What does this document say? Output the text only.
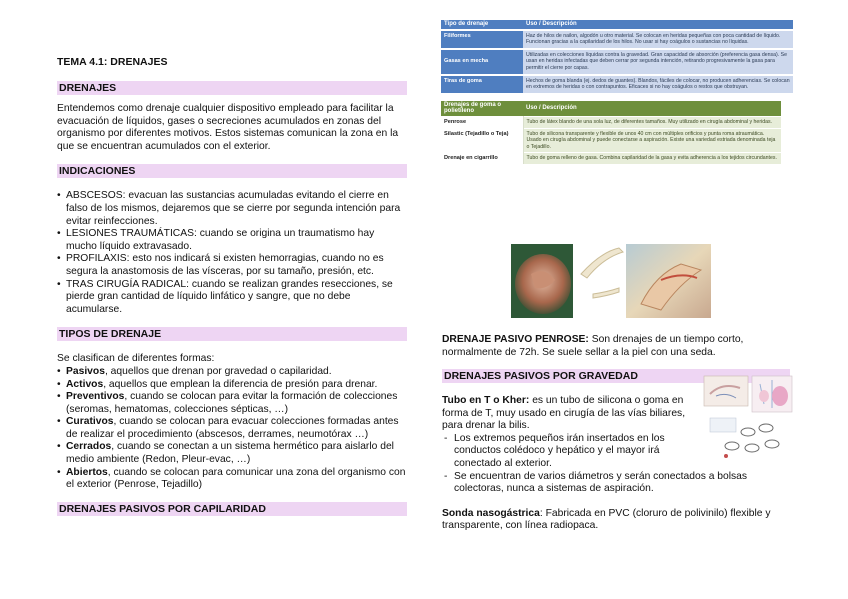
TEMA 4.1: DRENAJES
DRENAJES

Entendemos como drenaje cualquier dispositivo empleado para facilitar la evacuación de líquidos, gases o secreciones acumulados en zonas del organismo por diferentes motivos. Estos sistemas comunican la zona en la que se encuentran acumulados con el exterior.

INDICACIONES
• ABSCESOS: evacuan las sustancias acumuladas evitando el cierre en falso de los mismos, dejaremos que se cierre por segunda intención para evitar reinfecciones.
• LESIONES TRAUMÁTICAS: cuando se origina un traumatismo hay mucho líquido extravasado.
• PROFILAXIS: esto nos indicará si existen hemorragias, cuando no es segura la anastomosis de las vísceras, por su tamaño, presión, etc.
• TRAS CIRUGÍA RADICAL: cuando se realizan grandes resecciones, se pierde gran cantidad de líquido linfático y sangre, que no debe acumularse.
TIPOS DE DRENAJE

Se clasifican de diferentes formas:

• Pasivos, aquellos que drenan por gravedad o capilaridad.
• Activos, aquellos que emplean la diferencia de presión para drenar.
• Preventivos, cuando se colocan para evitar la formación de colecciones (seromas, hematomas, colecciones sépticas, …)
• Curativos, cuando se colocan para evacuar colecciones formadas antes de realizar el procedimiento (abscesos, derrames, neumotórax …)
• Cerrados, cuando se conectan a un sistema hermético para aislarlo del medio ambiente (Redon, Pleur-evac, …)
• Abiertos, cuando se colocan para comunicar una zona del organismo con el exterior (Penrose, Tejadillo)
DRENAJES PASIVOS POR CAPILARIDAD
Tipo de drenaje	Uso / Descripción
Filiformes	Haz de hilos de nailon, algodón u otro material. Se colocan en heridas pequeñas con poca cantidad de líquido. Funcionan gracias a la capilaridad de los hilos. No usar si hay coágulos o sustancias no líquidas.
Gasas en mecha	Utilizadas en colecciones líquidas contra la gravedad. Gran capacidad de absorción (preferencia gasa densa). Se usan en heridas infectadas que deben cerrar por segunda intención, retirando progresivamente la gasa para permitir el cierre por capas.
Tiras de goma	Hechos de goma blanda (ej. dedos de guantes). Blandos, fáciles de colocar, no producen adherencias. Se colocan en extremos de heridas o con contrapuntos. Eficaces si no hay coágulos o restos que obstruyan.
Drenajes de goma o polietileno	Uso / Descripción
Penrose	Tubo de látex blando de una sola luz, de diferentes tamaños. Muy utilizado en cirugía abdominal y heridas.
Silastic (Tejadillo o Teja)	Tubo de silicona transparente y flexible de unos 40 cm con múltiples orificios y punta roma atraumática. Usado en cirugía abdominal y puede conectarse a aspiración. Existe una variedad estriada denominada teja o Tejadillo.
Drenaje en cigarrillo	Tubo de goma relleno de gasa. Combina capilaridad de la gasa y evita adherencia a los tejidos circundantes.

DRENAJE PASIVO PENROSE: Son drenajes de un tiempo corto, normalmente de 72h. Se suele sellar a la piel con una seda.

DRENAJES PASIVOS POR GRAVEDAD

Tubo en T o Kher: es un tubo de silicona o goma en forma de T, muy usado en cirugía de las vías biliares, para drenar la bilis.

- Los extremos pequeños irán insertados en los conductos colédoco y hepático y el mayor irá conectado al exterior.
- Se encuentran de varios diámetros y serán conectados a bolsas colectoras, nunca a sistemas de aspiración.

Sonda nasogástrica: Fabricada en PVC (cloruro de polivinilo) flexible y transparente, con línea radiopaca.
